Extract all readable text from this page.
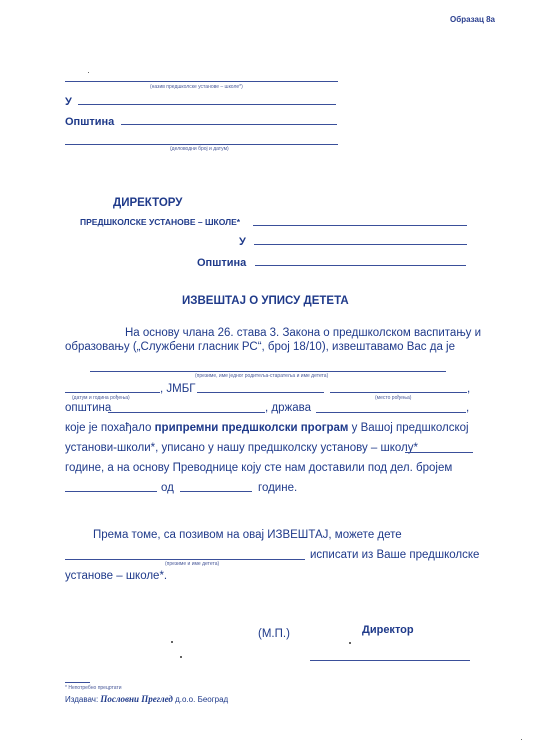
Образац 8а
(назив предшколске установе – школе*)
У
Општина
(деловодни број и датум)
ДИРЕКТОРУ
ПРЕДШКОЛСКЕ УСТАНОВЕ – ШКОЛЕ*
У
Општина
ИЗВЕШТАЈ О УПИСУ ДЕТЕТА
На основу члана 26. става 3. Закона о предшколском васпитању и
образовању („Службени гласник РС“, број 18/10), извештавамо Вас да је
(презиме, име једног родитеља-старатеља и име детета)
, ЈМБГ	,
(датум и година рођења)	(место рођења)
општина	, држава	,
које је похађало припремни предшколски програм у Вашој предшколској
установи-школи*, уписано у нашу предшколску установу – школу*
године, а на основу Преводнице коју сте нам доставили под дел. бројем
од	године.
Према томе, са позивом на овај ИЗВЕШТАЈ, можете дете
(презиме и име детета)
исписати из Ваше предшколске
установе – школе*.
(М.П.)	Директор
* Непотребно прецртати
Издавач: Пословни Преглед д.о.о. Београд
